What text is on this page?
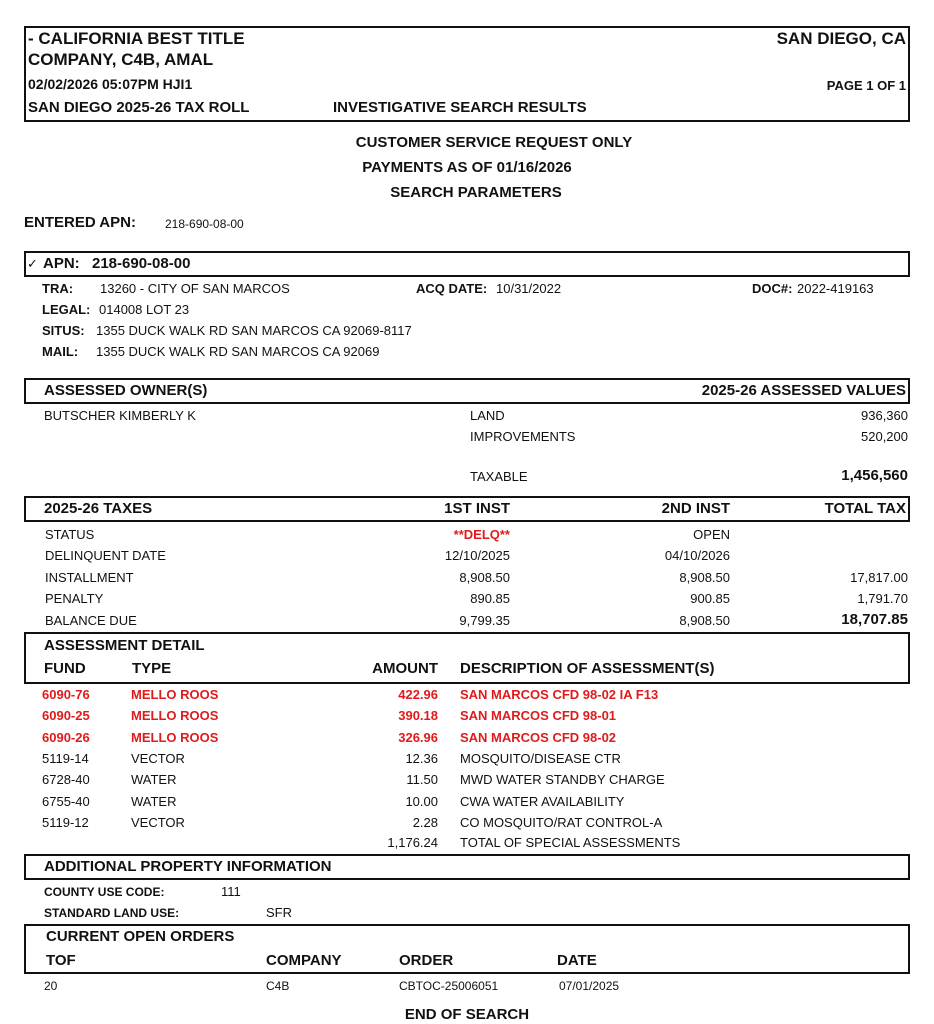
- CALIFORNIA BEST TITLE
COMPANY, C4B, AMAL
SAN DIEGO, CA
02/02/2026 05:07PM HJI1	PAGE 1 OF 1
SAN DIEGO 2025-26 TAX ROLL	INVESTIGATIVE SEARCH RESULTS
CUSTOMER SERVICE REQUEST ONLY
PAYMENTS AS OF 01/16/2026
SEARCH PARAMETERS
ENTERED APN: 218-690-08-00
✓ APN: 218-690-08-00
TRA: 13260 - CITY OF SAN MARCOS	ACQ DATE: 10/31/2022	DOC#: 2022-419163
LEGAL: 014008 LOT 23
SITUS: 1355 DUCK WALK RD SAN MARCOS CA 92069-8117
MAIL: 1355 DUCK WALK RD SAN MARCOS CA 92069
ASSESSED OWNER(S)	2025-26 ASSESSED VALUES
BUTSCHER KIMBERLY K	LAND	936,360
IMPROVEMENTS	520,200
TAXABLE	1,456,560
2025-26 TAXES	1ST INST	2ND INST	TOTAL TAX
STATUS	**DELQ**	OPEN
DELINQUENT DATE	12/10/2025	04/10/2026
INSTALLMENT	8,908.50	8,908.50	17,817.00
PENALTY	890.85	900.85	1,791.70
BALANCE DUE	9,799.35	8,908.50	18,707.85
ASSESSMENT DETAIL
FUND	TYPE	AMOUNT DESCRIPTION OF ASSESSMENT(S)
6090-76	MELLO ROOS	422.96 SAN MARCOS CFD 98-02 IA F13
6090-25	MELLO ROOS	390.18 SAN MARCOS CFD 98-01
6090-26	MELLO ROOS	326.96 SAN MARCOS CFD 98-02
5119-14	VECTOR	12.36 MOSQUITO/DISEASE CTR
6728-40	WATER	11.50 MWD WATER STANDBY CHARGE
6755-40	WATER	10.00 CWA WATER AVAILABILITY
5119-12	VECTOR	2.28 CO MOSQUITO/RAT CONTROL-A
1,176.24 TOTAL OF SPECIAL ASSESSMENTS
ADDITIONAL PROPERTY INFORMATION
COUNTY USE CODE:	111
STANDARD LAND USE:	SFR
CURRENT OPEN ORDERS
TOF	COMPANY	ORDER	DATE
20	C4B	CBTOC-25006051	07/01/2025
END OF SEARCH
